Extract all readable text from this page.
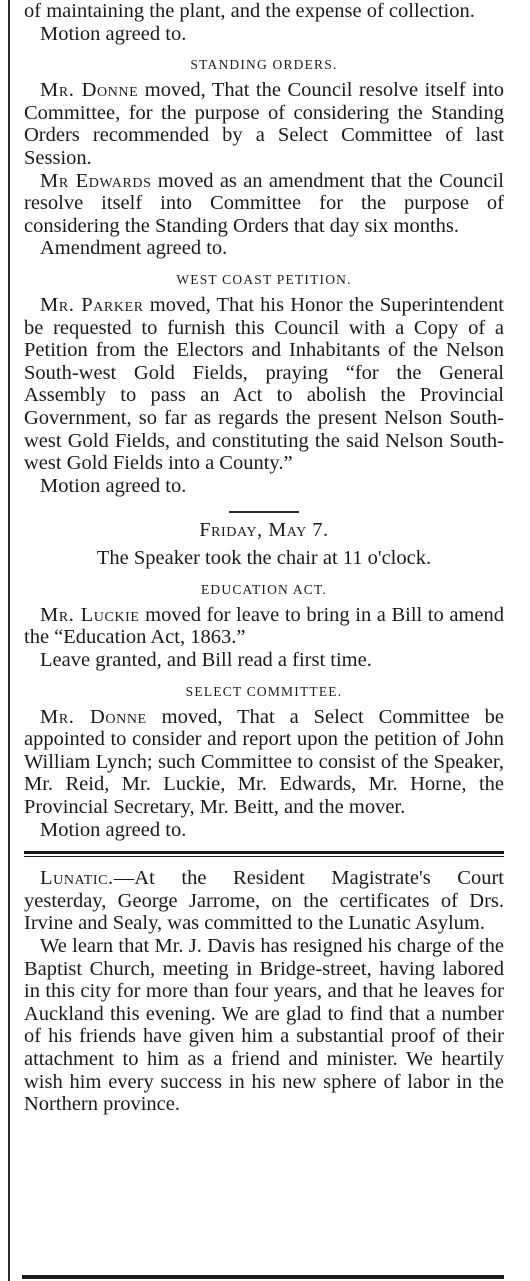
of maintaining the plant, and the expense of collection.

Motion agreed to.

STANDING ORDERS.

Mr. Donne moved, That the Council resolve itself into Committee, for the purpose of considering the Standing Orders recommended by a Select Committee of last Session.

Mr Edwards moved as an amendment that the Council resolve itself into Committee for the purpose of considering the Standing Orders that day six months.

Amendment agreed to.

WEST COAST PETITION.

Mr. Parker moved, That his Honor the Superintendent be requested to furnish this Council with a Copy of a Petition from the Electors and Inhabitants of the Nelson South-west Gold Fields, praying “for the General Assembly to pass an Act to abolish the Provincial Government, so far as regards the present Nelson South-west Gold Fields, and constituting the said Nelson South-west Gold Fields into a County.”

Motion agreed to.

Friday, May 7.

The Speaker took the chair at 11 o'clock.

EDUCATION ACT.

Mr. Luckie moved for leave to bring in a Bill to amend the “Education Act, 1863.”

Leave granted, and Bill read a first time.

SELECT COMMITTEE.

Mr. Donne moved, That a Select Committee be appointed to consider and report upon the petition of John William Lynch; such Committee to consist of the Speaker, Mr. Reid, Mr. Luckie, Mr. Edwards, Mr. Horne, the Provincial Secretary, Mr. Beitt, and the mover.

Motion agreed to.

Lunatic.—At the Resident Magistrate's Court yesterday, George Jarrome, on the certificates of Drs. Irvine and Sealy, was committed to the Lunatic Asylum.

We learn that Mr. J. Davis has resigned his charge of the Baptist Church, meeting in Bridge-street, having labored in this city for more than four years, and that he leaves for Auckland this evening. We are glad to find that a number of his friends have given him a substantial proof of their attachment to him as a friend and minister. We heartily wish him every success in his new sphere of labor in the Northern province.
